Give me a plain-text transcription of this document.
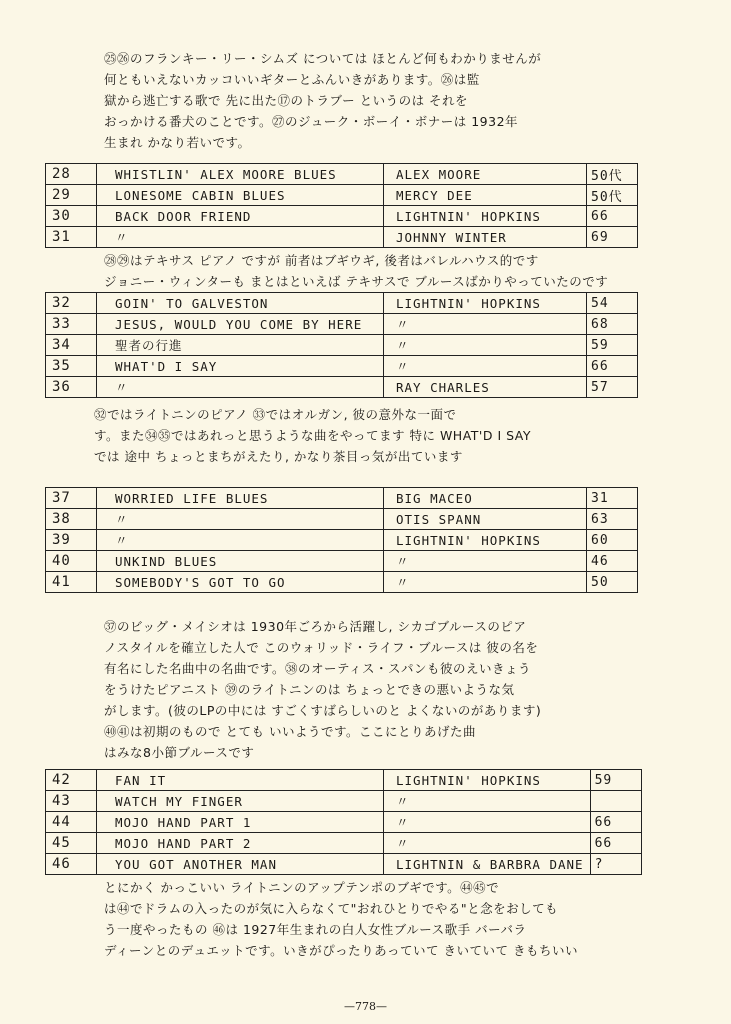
㉕㉖のフランキー・リー・シムズ については ほとんど何もわかりませんが
何ともいえないカッコいいギターとふんいきがあります。㉖は監
獄から逃亡する歌で 先に出た⑰のトラブー というのは それを
おっかける番犬のことです。㉗のジューク・ボーイ・ボナーは 1932年
生まれ かなり若いです。
28	WHISTLIN' ALEX MOORE BLUES	ALEX MOORE	50代
29	LONESOME CABIN BLUES	MERCY DEE	50代
30	BACK DOOR FRIEND	LIGHTNIN' HOPKINS	66
31	〃	JOHNNY WINTER	69
㉘㉙はテキサス ピアノ ですが 前者はブギウギ, 後者はバレルハウス的です
ジョニー・ウィンターも まとはといえば テキサスで ブルースばかりやっていたのです
32	GOIN' TO GALVESTON	LIGHTNIN' HOPKINS	54
33	JESUS, WOULD YOU COME BY HERE	〃	68
34	聖者の行進	〃	59
35	WHAT'D I SAY	〃	66
36	〃	RAY CHARLES	57
㉜ではライトニンのピアノ ㉝ではオルガン, 彼の意外な一面で
す。また㉞㉟ではあれっと思うような曲をやってます 特に WHAT'D I SAY
では 途中 ちょっとまちがえたり, かなり茶目っ気が出ています
37	WORRIED LIFE BLUES	BIG MACEO	31
38	〃	OTIS SPANN	63
39	〃	LIGHTNIN' HOPKINS	60
40	UNKIND BLUES	〃	46
41	SOMEBODY'S GOT TO GO	〃	50
㊲のビッグ・メイシオは 1930年ごろから活躍し, シカゴブルースのピア
ノスタイルを確立した人で このウォリッド・ライフ・ブルースは 彼の名を
有名にした名曲中の名曲です。㊳のオーティス・スパンも彼のえいきょう
をうけたピアニスト ㊴のライトニンのは ちょっとできの悪いような気
がします。(彼のLPの中には すごくすばらしいのと よくないのがあります)
㊵㊶は初期のもので とても いいようです。ここにとりあげた曲
はみな8小節ブルースです
42	FAN IT	LIGHTNIN' HOPKINS	59
43	WATCH MY FINGER	〃	
44	MOJO HAND PART 1	〃	66
45	MOJO HAND PART 2	〃	66
46	YOU GOT ANOTHER MAN	LIGHTNIN & BARBRA DANE	?
とにかく かっこいい ライトニンのアップテンポのブギです。㊹㊺で
は㊹でドラムの入ったのが気に入らなくて"おれひとりでやる"と念をおしても
う一度やったもの ㊻は 1927年生まれの白人女性ブルース歌手 バーバラ
ディーンとのデュエットです。いきがぴったりあっていて きいていて きもちいい
—778—
